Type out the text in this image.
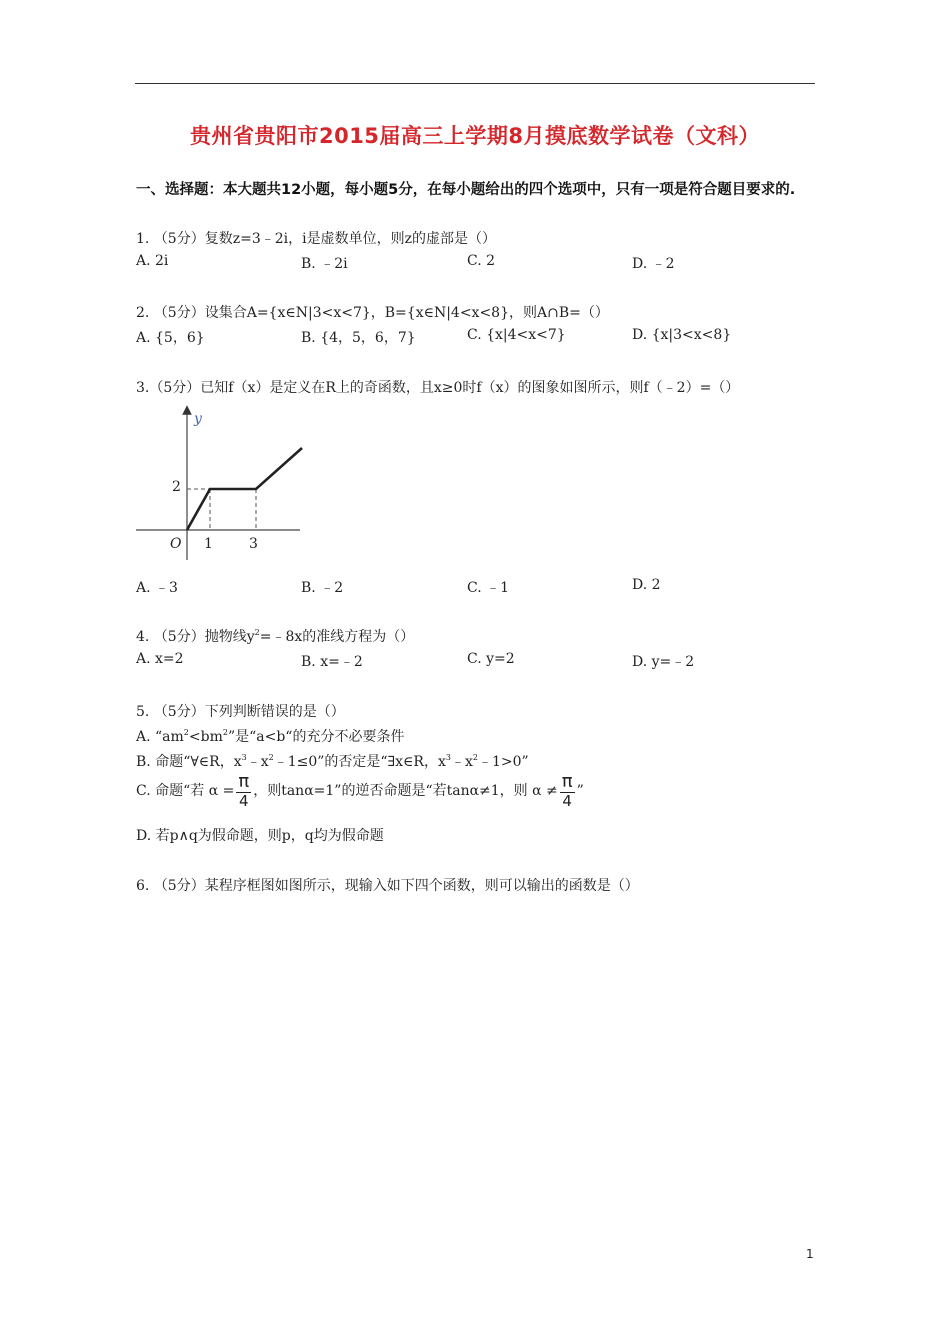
贵州省贵阳市2015届高三上学期8月摸底数学试卷（文科）
一、选择题：本大题共12小题，每小题5分，在每小题给出的四个选项中，只有一项是符合题目要求的.
1. （5分）复数z=3﹣2i，i是虚数单位，则z的虚部是（）
A. 2i	B. ﹣2i	C. 2	D. ﹣2
2. （5分）设集合A={x∈N|3<x<7}，B={x∈N|4<x<8}，则A∩B=（）
A. {5，6}	B. {4，5，6，7}	C. {x|4<x<7}	D. {x|3<x<8}
3.（5分）已知f（x）是定义在R上的奇函数，且x≥0时f（x）的图象如图所示，则f（﹣2）=（）
y
O
2
1	3
A. ﹣3	B. ﹣2	C. ﹣1	D. 2
4. （5分）抛物线$y^2=﹣8x$的准线方程为（）
A. x=2	B. x=﹣2	C. y=2	D. y=﹣2
5. （5分）下列判断错误的是（）
A. “$am^2<bm^2$”是“a<b“的充分不必要条件
B. 命题“∀∈R，$x^3﹣x^2﹣1\le 0$”的否定是“∃x∈R，$x^3﹣x^2﹣1>0$”
C. 命题“若 $\alpha = \frac{\pi}{4}$ ，则tanα=1”的逆否命题是“若tanα≠1，则 $\alpha \ne \frac{\pi}{4}$ ”
D. 若p∧q为假命题，则p，q均为假命题
6. （5分）某程序框图如图所示，现输入如下四个函数，则可以输出的函数是（）
1
